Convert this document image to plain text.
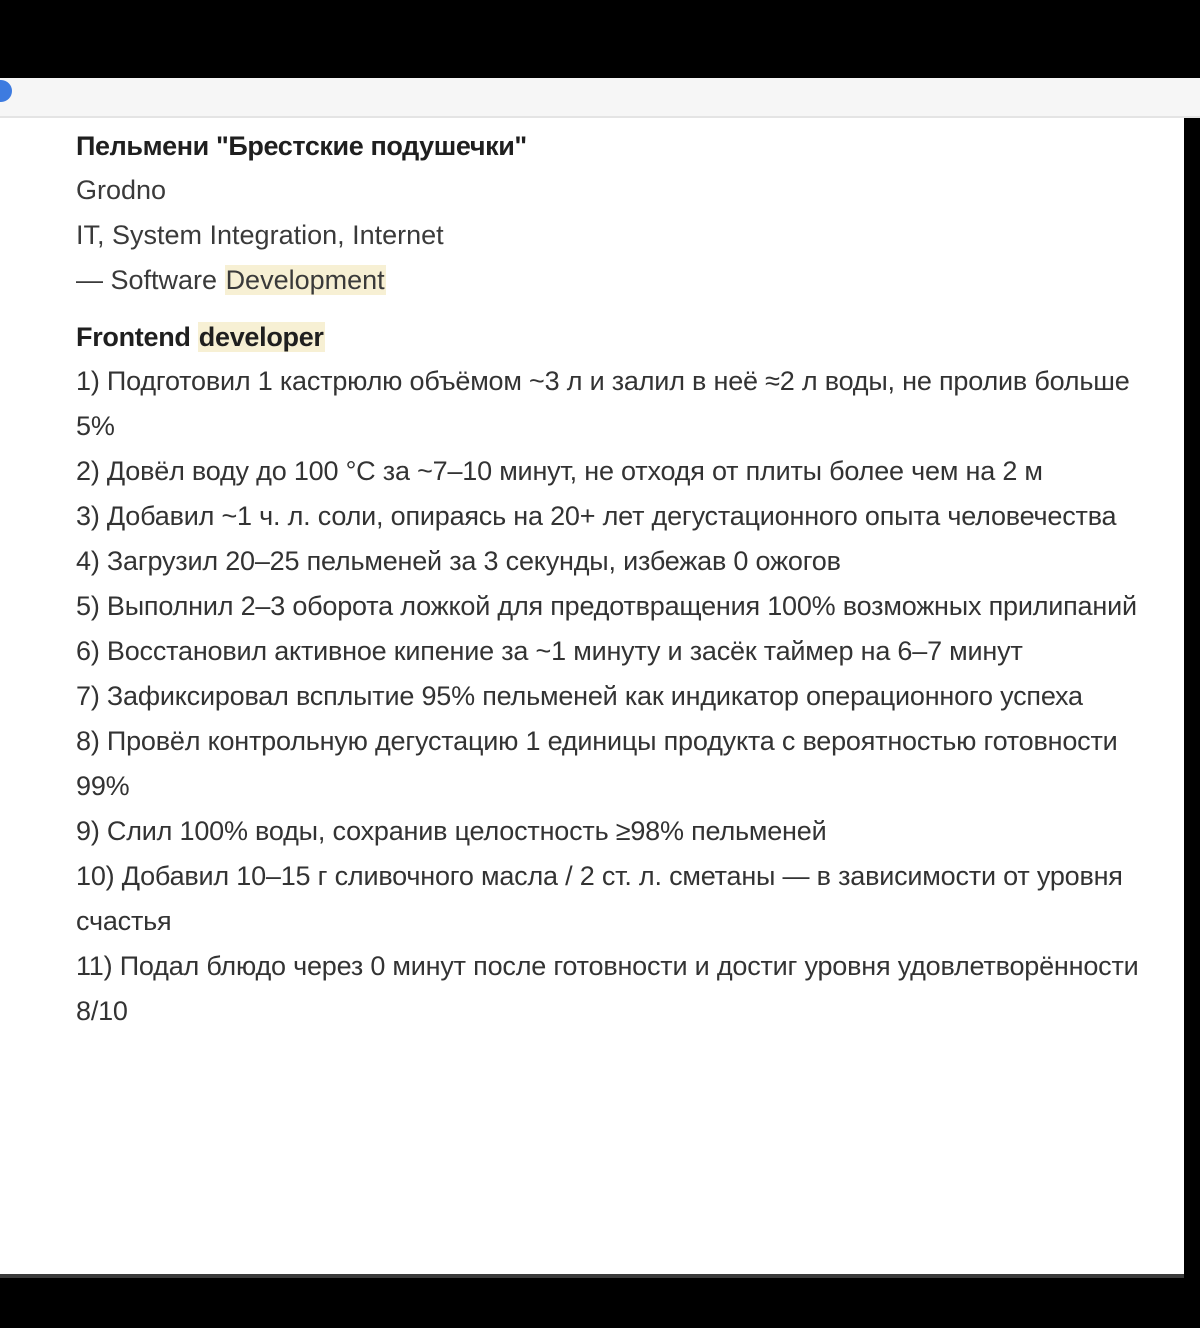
Пельмени "Брестские подушечки"

Grodno

IT, System Integration, Internet

— Software Development

Frontend developer

1) Подготовил 1 кастрюлю объёмом ~3 л и залил в неё ≈2 л воды, не пролив больше 5%
2) Довёл воду до 100 °C за ~7–10 минут, не отходя от плиты более чем на 2 м
3) Добавил ~1 ч. л. соли, опираясь на 20+ лет дегустационного опыта человечества
4) Загрузил 20–25 пельменей за 3 секунды, избежав 0 ожогов
5) Выполнил 2–3 оборота ложкой для предотвращения 100% возможных прилипаний
6) Восстановил активное кипение за ~1 минуту и засёк таймер на 6–7 минут
7) Зафиксировал всплытие 95% пельменей как индикатор операционного успеха
8) Провёл контрольную дегустацию 1 единицы продукта с вероятностью готовности 99%
9) Слил 100% воды, сохранив целостность ≥98% пельменей
10) Добавил 10–15 г сливочного масла / 2 ст. л. сметаны — в зависимости от уровня счастья
11) Подал блюдо через 0 минут после готовности и достиг уровня удовлетворённости 8/10
